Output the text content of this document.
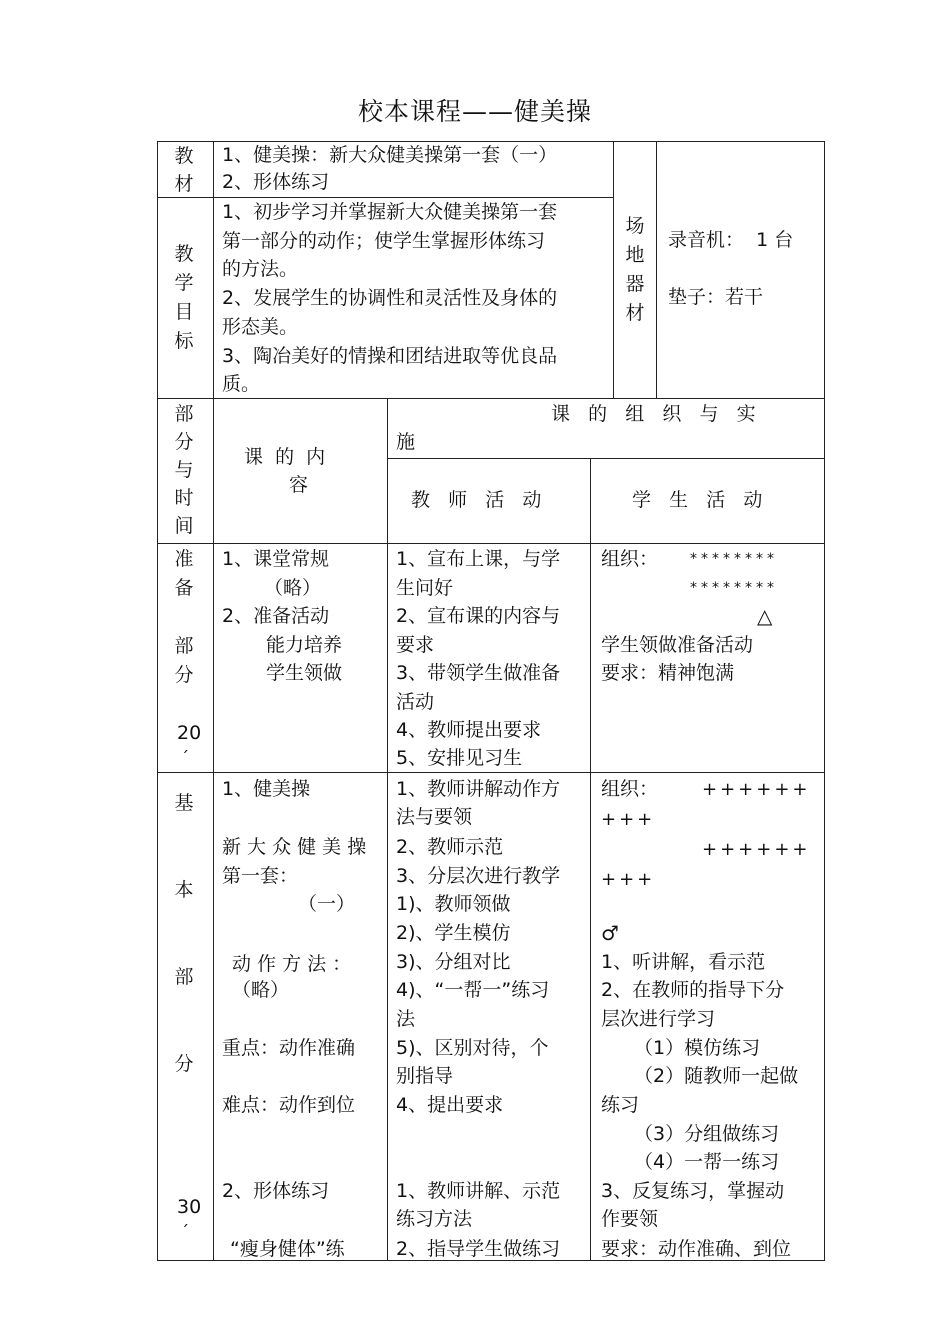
校本课程——健美操
教
材
1、健美操：新大众健美操第一套（一）
2、形体练习
教
学
目
标
1、初步学习并掌握新大众健美操第一套
第一部分的动作；使学生掌握形体练习
的方法。
2、发展学生的协调性和灵活性及身体的
形态美。
3、陶冶美好的情操和团结进取等优良品
质。
场
地
器
材
录音机：  1 台
垫子：若干
部
分
与
时
间
课  的  内
容
课   的   组   织   与   实
施
教   师   活   动	学   生   活   动
准
备
部
分
20
´
1、课堂常规
（略）
2、准备活动
能力培养
学生领做
1、宣布上课，与学
生问好
2、宣布课的内容与
要求
3、带领学生做准备
活动
4、教师提出要求
5、安排见习生
组织： ********
********
△
学生领做准备活动
要求：精神饱满
基
本
部
分
30
´
1、健美操
新 大 众 健 美 操
第一套：
（一）
动 作 方 法 ：
（略）
重点：动作准确
难点：动作到位
2、形体练习
“瘦身健体”练
1、教师讲解动作方
法与要领
2、教师示范
3、分层次进行教学
1)、教师领做
2)、学生模仿
3)、分组对比
4)、“一帮一”练习
法
5)、区别对待，个
别指导
4、提出要求
1、教师讲解、示范
练习方法
2、指导学生做练习
组织： ++++++
+++
++++++
+++
♂
1、听讲解，看示范
2、在教师的指导下分
层次进行学习
（1）模仿练习
（2）随教师一起做
练习
（3）分组做练习
（4）一帮一练习
3、反复练习，掌握动
作要领
要求：动作准确、到位
